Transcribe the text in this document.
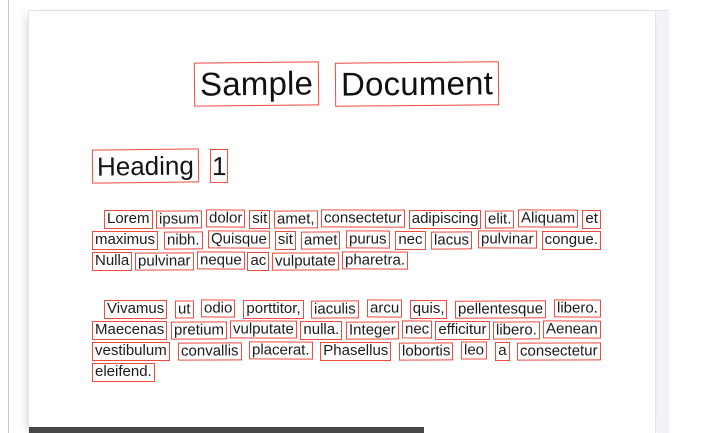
Sample Document
Heading 1
Lorem ipsum dolor sit amet, consectetur adipiscing elit. Aliquam et
maximus nibh. Quisque sit amet purus nec lacus pulvinar congue.
Nulla pulvinar neque ac vulputate pharetra.
Vivamus ut odio porttitor, iaculis arcu quis, pellentesque libero.
Maecenas pretium vulputate nulla. Integer nec efficitur libero. Aenean
vestibulum convallis placerat. Phasellus lobortis leo a consectetur
eleifend.
